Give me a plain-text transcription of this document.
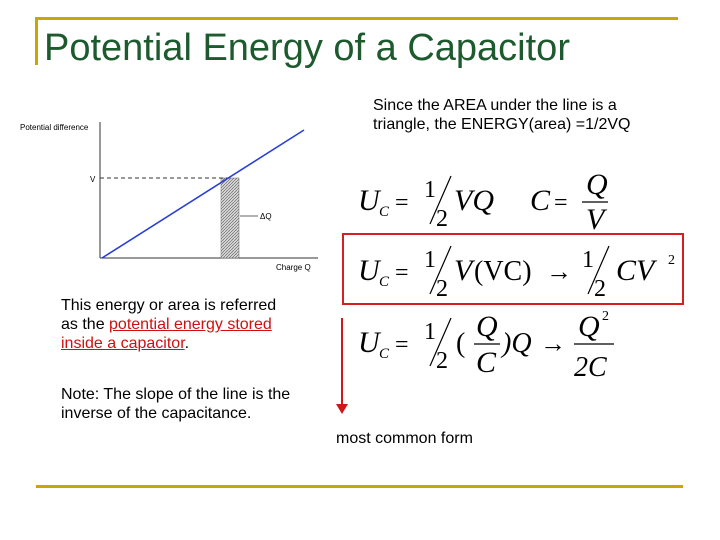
Potential Energy of a Capacitor
Potential difference
V
ΔQ
Charge Q
Since the AREA under the line is a
triangle, the ENERGY(area) =1/2VQ
U C = 1
2
VQ C =
Q
V
U C = 1
2
V (VC) → 1
2
CV 2
U C = 1
2
(
Q
C
)Q →
Q 2
2C
This energy or area is referred
as the potential energy stored
inside a capacitor.
Note: The slope of the line is the
inverse of the capacitance.
most common form
